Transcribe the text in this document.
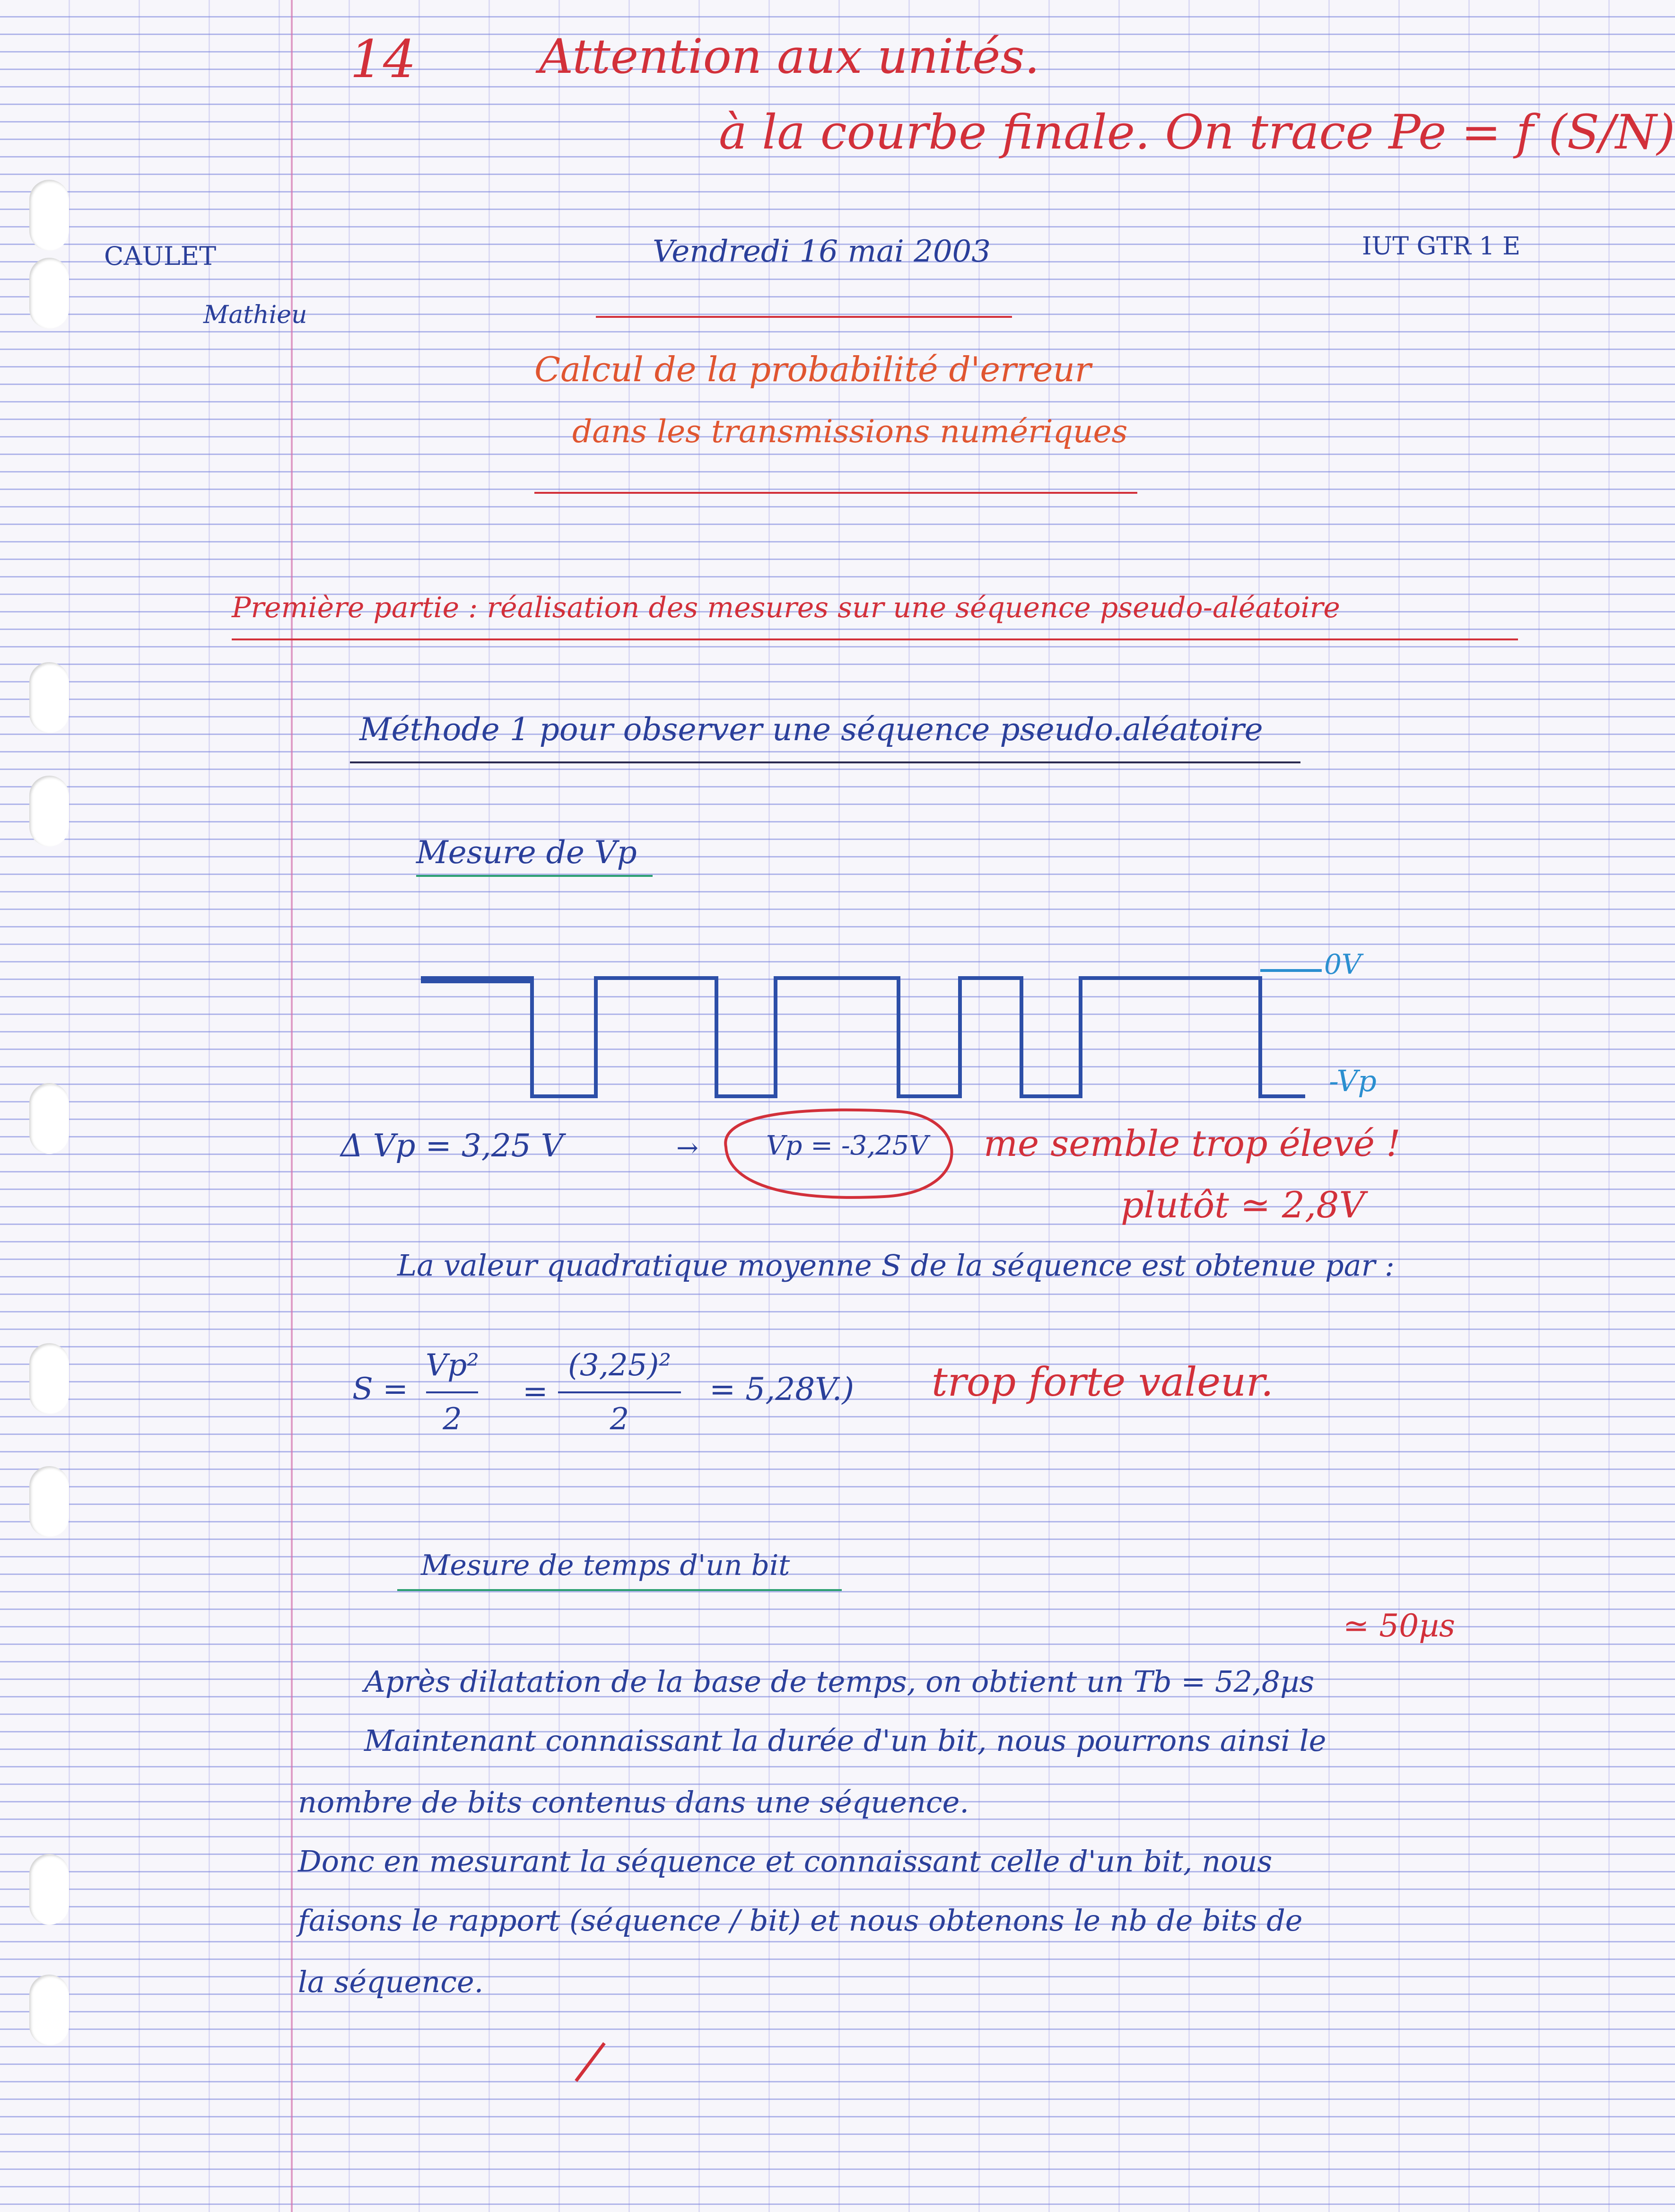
14	Attention aux unités.
à la courbe finale. On trace Pe = f (S/N)
CAULET
Mathieu
Vendredi 16 mai 2003	IUT GTR 1 E
Calcul de la probabilité d'erreur
dans les transmissions numériques
Première partie : réalisation des mesures sur une séquence pseudo-aléatoire
Méthode 1 pour observer une séquence pseudo.aléatoire
Mesure de Vp
0V
-Vp
Δ Vp = 3,25 V	→	Vp = -3,25V me semble trop élevé !
plutôt ≃ 2,8V
La valeur quadratique moyenne S de la séquence est obtenue par :
S =
Vp²
2
=
(3,25)²
2
= 5,28V.) trop forte valeur.
Mesure de temps d'un bit
≃ 50µs
Après dilatation de la base de temps, on obtient un Tb = 52,8µs
Maintenant connaissant la durée d'un bit, nous pourrons ainsi le
nombre de bits contenus dans une séquence.
Donc en mesurant la séquence et connaissant celle d'un bit, nous
faisons le rapport (séquence / bit) et nous obtenons le nb de bits de
la séquence.
